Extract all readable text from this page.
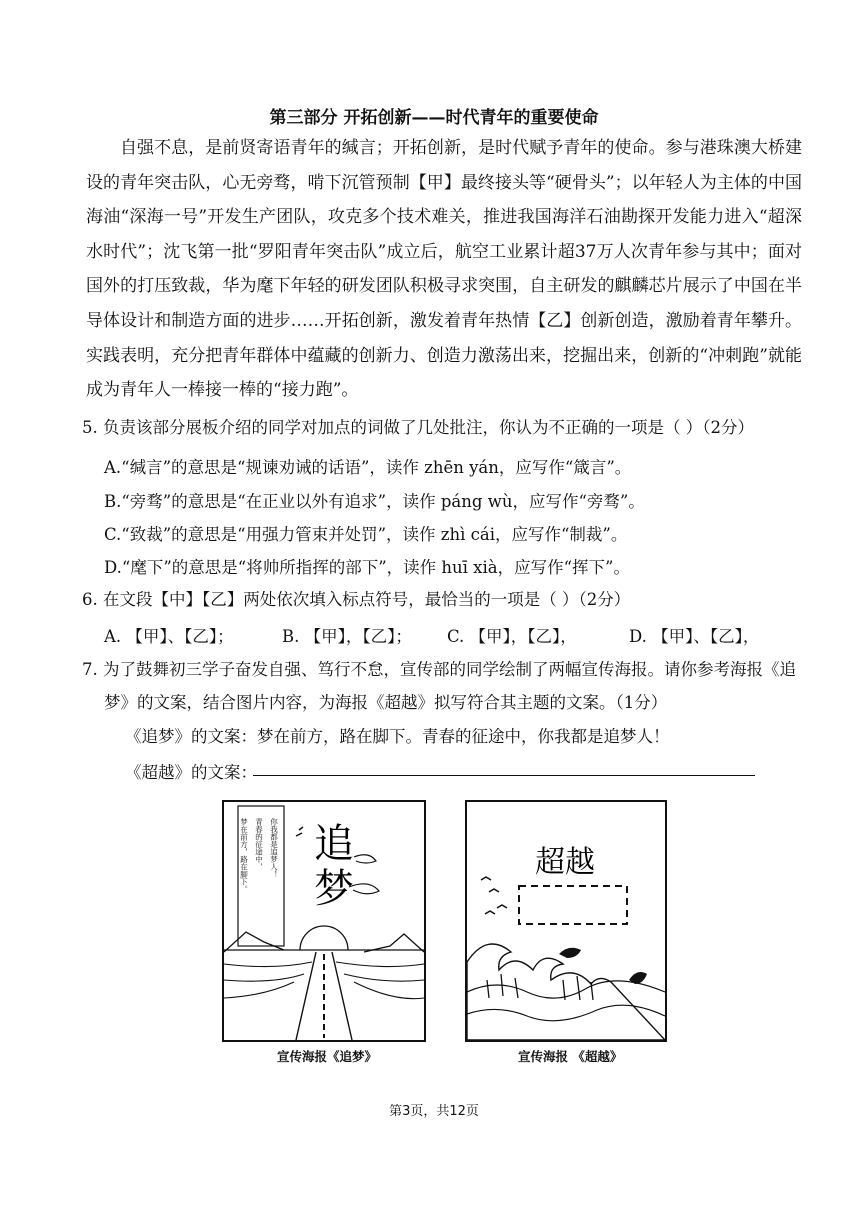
第三部分 开拓创新——时代青年的重要使命
自强不息，是前贤寄语青年的缄言；开拓创新，是时代赋予青年的使命。参与港珠澳大桥建设的青年突击队，心无旁骛，啃下沉管预制【甲】最终接头等“硬骨头”；以年轻人为主体的中国海油“深海一号”开发生产团队，攻克多个技术难关，推进我国海洋石油勘探开发能力进入“超深水时代”；沈飞第一批“罗阳青年突击队”成立后，航空工业累计超37万人次青年参与其中；面对国外的打压致裁，华为麾下年轻的研发团队积极寻求突围，自主研发的麒麟芯片展示了中国在半导体设计和制造方面的进步……开拓创新，激发着青年热情【乙】创新创造，激励着青年攀升。实践表明，充分把青年群体中蕴藏的创新力、创造力激荡出来，挖掘出来，创新的“冲刺跑”就能成为青年人一棒接一棒的“接力跑”。
5. 负责该部分展板介绍的同学对加点的词做了几处批注，你认为不正确的一项是（ ）（2分）
A.“缄言”的意思是“规谏劝诫的话语”，读作 zhēn yán，应写作“箴言”。
B.“旁骛”的意思是“在正业以外有追求”，读作 páng wù，应写作“旁骛”。
C.“致裁”的意思是“用强力管束并处罚”，读作 zhì cái，应写作“制裁”。
D.“麾下”的意思是“将帅所指挥的部下”，读作 huī xià，应写作“挥下”。
6. 在文段【中】【乙】两处依次填入标点符号，最恰当的一项是（ ）（2分）
A. 【甲】、【乙】；	B. 【甲】，【乙】；	C. 【甲】，【乙】，	D. 【甲】、【乙】，
7. 为了鼓舞初三学子奋发自强、笃行不怠，宣传部的同学绘制了两幅宣传海报。请你参考海报《追
梦》的文案，结合图片内容，为海报《超越》拟写符合其主题的文案。（1分）
《追梦》的文案：梦在前方，路在脚下。青春的征途中，你我都是追梦人！
《超越》的文案：
梦在前方，路在脚下。 青春的征途中， 你我都是追梦人！ 追
梦
宣传海报《追梦》
超越
宣传海报 《超越》
第3页，共12页
